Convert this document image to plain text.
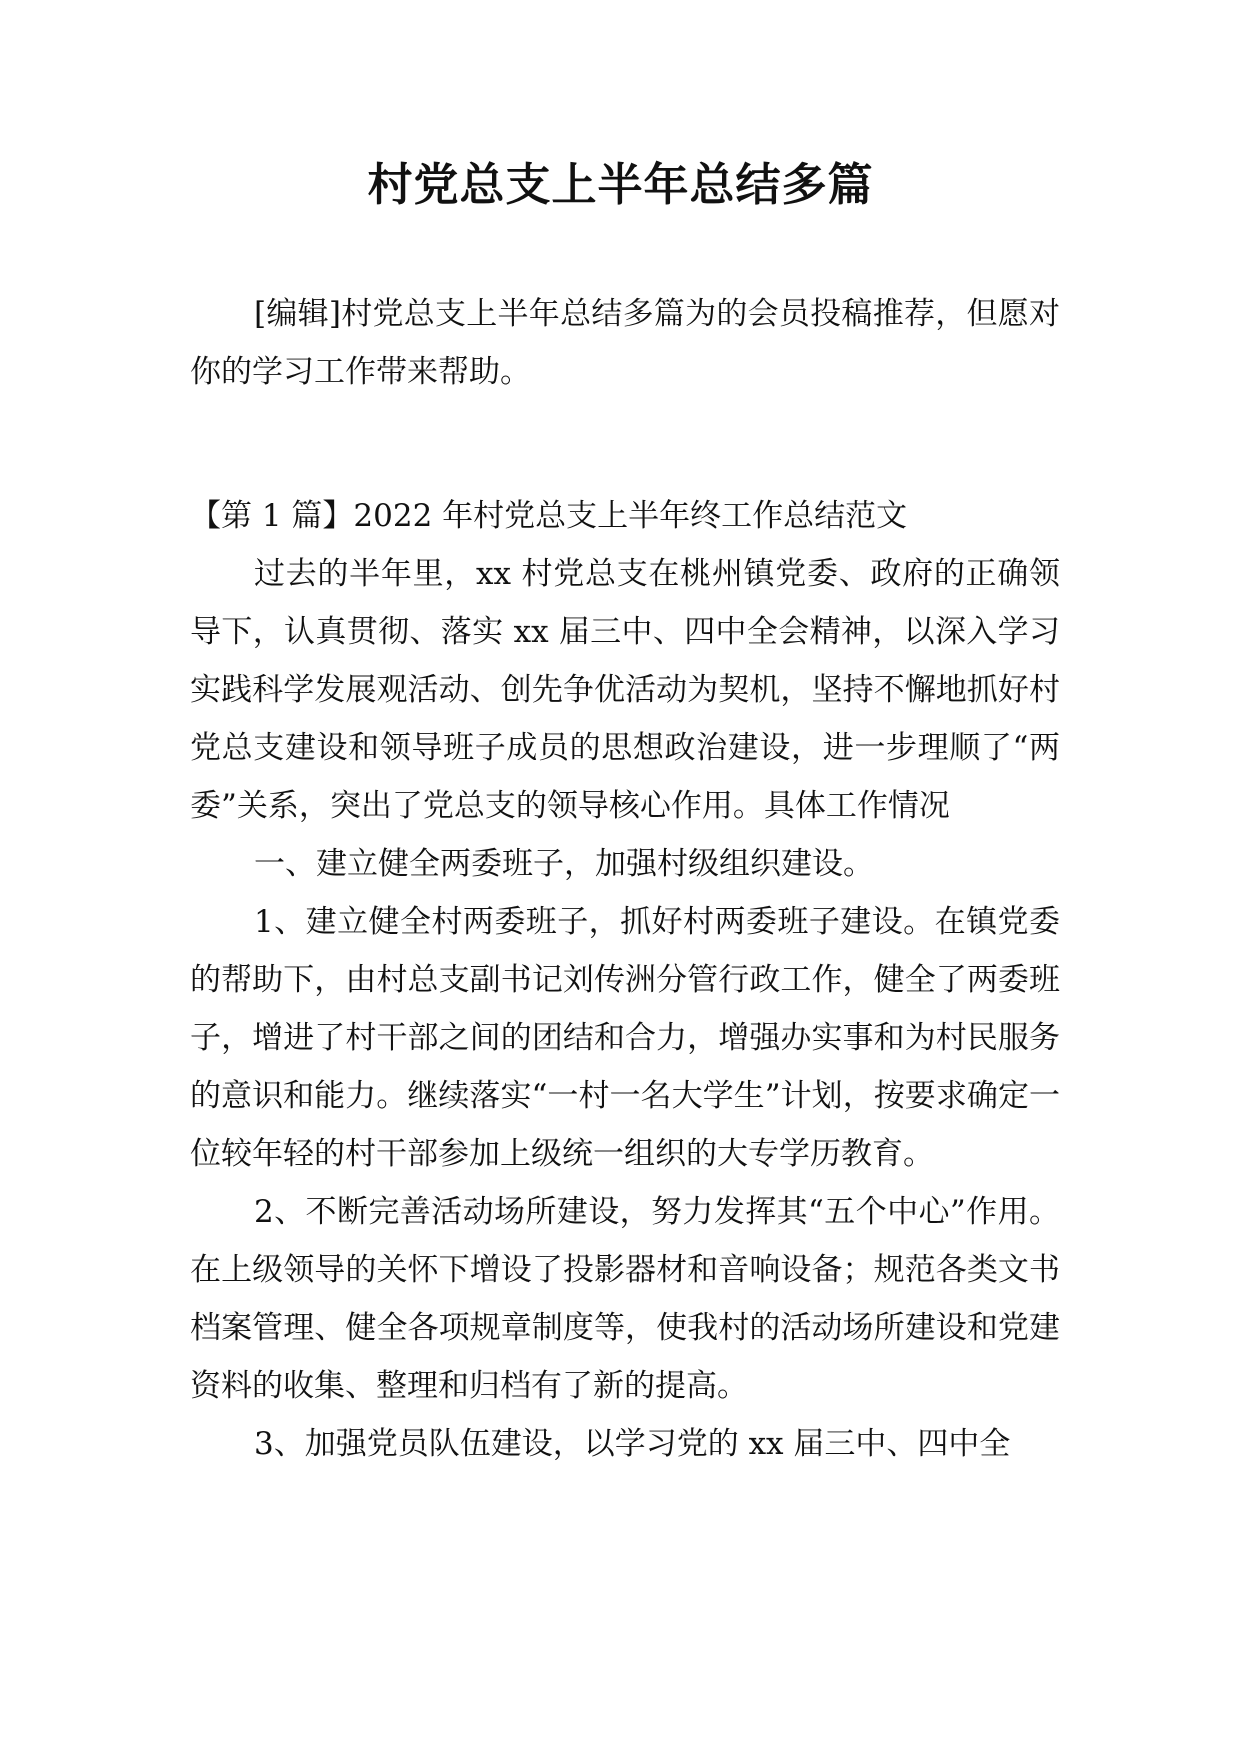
村党总支上半年总结多篇

[编辑]村党总支上半年总结多篇为的会员投稿推荐，但愿对你的学习工作带来帮助。

【第 1 篇】2022 年村党总支上半年终工作总结范文

过去的半年里，xx 村党总支在桃州镇党委、政府的正确领导下，认真贯彻、落实 xx 届三中、四中全会精神，以深入学习实践科学发展观活动、创先争优活动为契机，坚持不懈地抓好村党总支建设和领导班子成员的思想政治建设，进一步理顺了“两委”关系，突出了党总支的领导核心作用。具体工作情况

一、建立健全两委班子，加强村级组织建设。

1、建立健全村两委班子，抓好村两委班子建设。在镇党委的帮助下，由村总支副书记刘传洲分管行政工作，健全了两委班子，增进了村干部之间的团结和合力，增强办实事和为村民服务的意识和能力。继续落实“一村一名大学生”计划，按要求确定一位较年轻的村干部参加上级统一组织的大专学历教育。

2、不断完善活动场所建设，努力发挥其“五个中心”作用。在上级领导的关怀下增设了投影器材和音响设备；规范各类文书档案管理、健全各项规章制度等，使我村的活动场所建设和党建资料的收集、整理和归档有了新的提高。

3、加强党员队伍建设，以学习党的 xx 届三中、四中全
